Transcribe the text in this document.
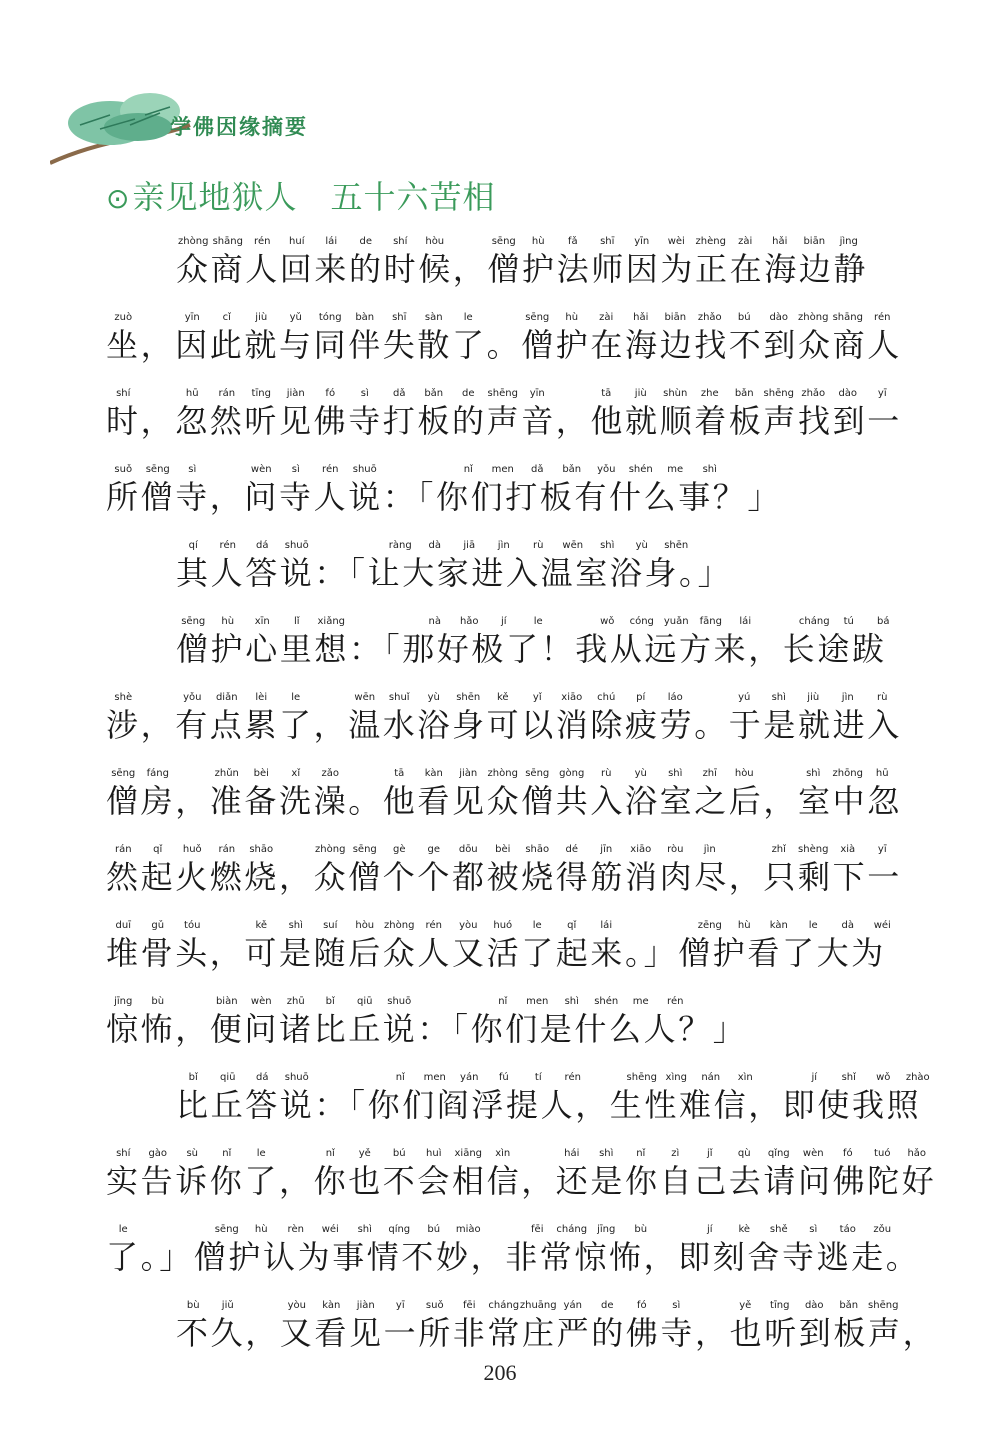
学佛因缘摘要
⊙亲见地狱人　五十六苦相
zhòng shāng rén huí lái de shí hòu	sēng hù fǎ shī yīn wèi zhèng zài hǎi biān jìng
众商人回来的时候，僧护法师因为正在海边静
zuò	yīn cǐ jiù yǔ tóng bàn shī sàn le	sēng hù zài hǎi biān zhǎo bú dào zhòng shāng rén
坐，因此就与同伴失散了。僧护在海边找不到众商人
shí	hū rán tīng jiàn fó	sì dǎ bǎn de shēng yīn	tā jiù shùn zhe bǎn shēng zhǎo dào yī
时，忽然听见佛寺打板的声音，他就顺着板声找到一
suǒ sēng sì	wèn sì rén shuō	nǐ men dǎ bǎn yǒu shén me shì
所僧寺，问寺人说：「你们打板有什么事？」
qí rén dá shuō	ràng dà jiā jìn rù wēn shì yù shēn
其人答说：「让大家进入温室浴身。」
sēng hù xīn lǐ xiǎng	nà hǎo jí	le	wǒ cóng yuǎn fāng lái	cháng tú bá
僧护心里想：「那好极了！我从远方来，长途跋
shè	yǒu diǎn lèi le	wēn shuǐ yù shēn kě yǐ xiāo chú pí láo	yú shì jiù jìn rù
涉，有点累了，温水浴身可以消除疲劳。于是就进入
sēng fáng	zhǔn bèi xǐ zǎo	tā kàn jiàn zhòng sēng gòng rù yù shì zhī hòu	shì zhōng hū
僧房，准备洗澡。他看见众僧共入浴室之后，室中忽
rán qǐ huǒ rán shāo	zhòng sēng gè ge dōu bèi shāo dé jīn xiāo ròu jìn	zhǐ shèng xià yī
然起火燃烧，众僧个个都被烧得筋消肉尽，只剩下一
duī gǔ tóu	kě shì suí hòu zhòng rén yòu huó le	qǐ lái	zēng hù kàn le dà wéi
堆骨头，可是随后众人又活了起来。」僧护看了大为
jīng bù	biàn wèn zhū bǐ qiū shuō	nǐ men shì shén me rén
惊怖，便问诸比丘说：「你们是什么人？」
bǐ qiū dá shuō	nǐ men yán fú	tí rén	shēng xìng nán xìn	jí shǐ wǒ zhào
比丘答说：「你们阎浮提人，生性难信，即使我照
shí gào sù nǐ	le	nǐ yě bú huì xiāng xìn	hái shì nǐ	zì	jǐ	qù qǐng wèn fó tuó hǎo
实告诉你了，你也不会相信，还是你自己去请问佛陀好
le	sēng hù rèn wéi shì qíng bú miào	fēi cháng jīng bù	jí	kè shě sì táo zǒu
了。」僧护认为事情不妙，非常惊怖，即刻舍寺逃走。
bù jiǔ	yòu kàn jiàn yī suǒ fēi cháng zhuāng yán de fó	sì	yě tīng dào bǎn shēng
不久，又看见一所非常庄严的佛寺，也听到板声，
206
